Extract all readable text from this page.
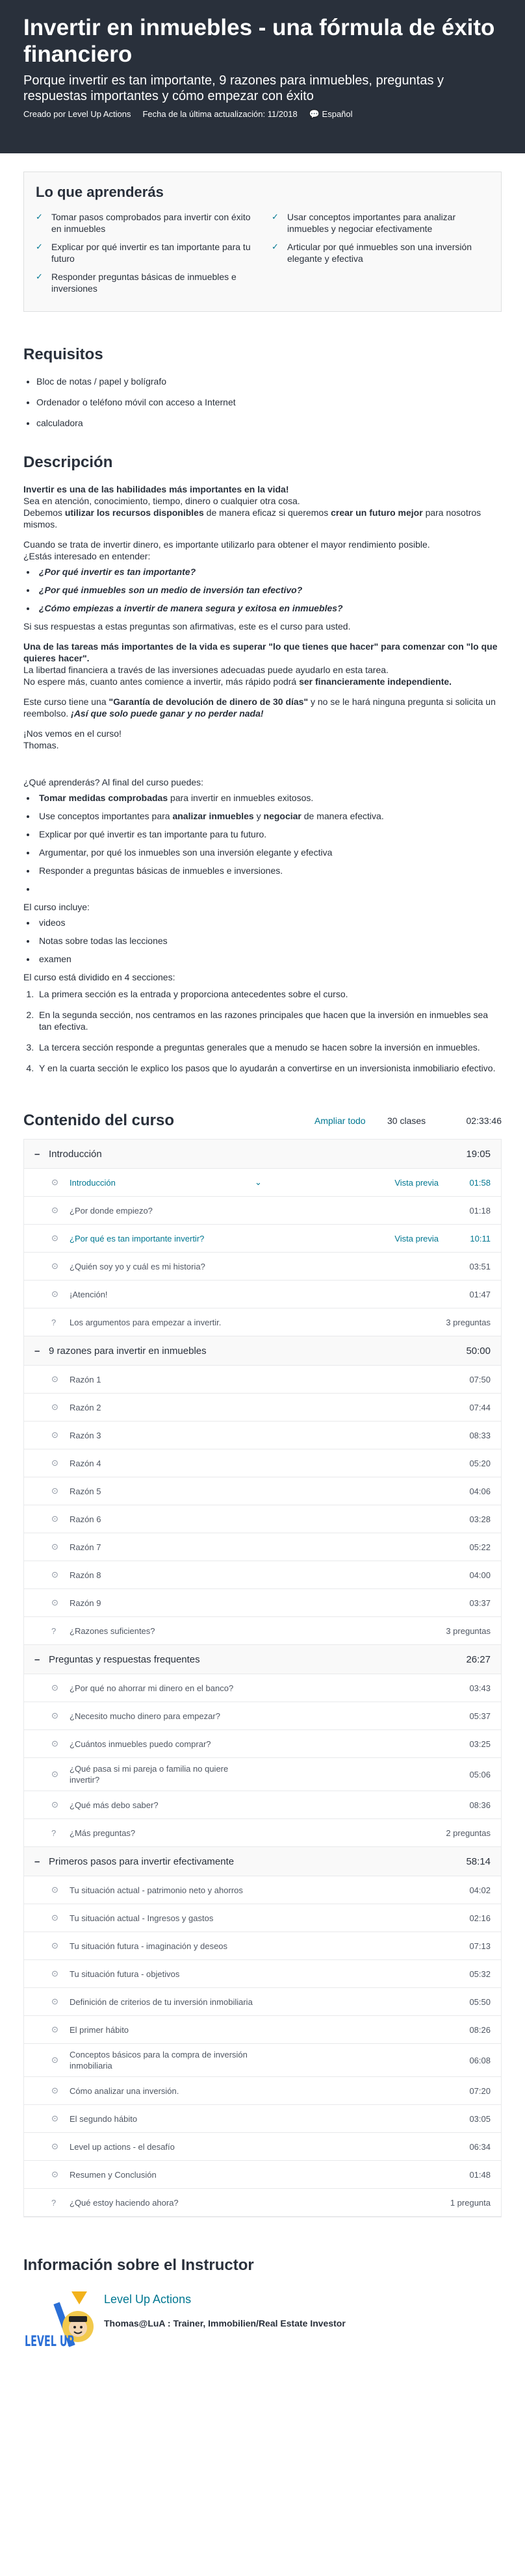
Invertir en inmuebles - una fórmula de éxito financiero
Porque invertir es tan importante, 9 razones para inmuebles, preguntas y respuestas importantes y cómo empezar con éxito
Creado por Level Up Actions Fecha de la última actualización: 11/2018 💬 Español
Lo que aprenderás
✓ Tomar pasos comprobados para invertir con éxito en inmuebles
✓ Usar conceptos importantes para analizar inmuebles y negociar efectivamente
✓ Explicar por qué invertir es tan importante para tu futuro
✓ Articular por qué inmuebles son una inversión elegante y efectiva
✓ Responder preguntas básicas de inmuebles e inversiones
Requisitos
• Bloc de notas / papel y bolígrafo
• Ordenador o teléfono móvil con acceso a Internet
• calculadora
Descripción

Invertir es una de las habilidades más importantes en la vida!

Sea en atención, conocimiento, tiempo, dinero o cualquier otra cosa.

Debemos utilizar los recursos disponibles de manera eficaz si queremos crear un futuro mejor para nosotros mismos.

Cuando se trata de invertir dinero, es importante utilizarlo para obtener el mayor rendimiento posible.

¿Estás interesado en entender:

• ¿Por qué invertir es tan importante?
• ¿Por qué inmuebles son un medio de inversión tan efectivo?
• ¿Cómo empiezas a invertir de manera segura y exitosa en inmuebles?

Si sus respuestas a estas preguntas son afirmativas, este es el curso para usted.

Una de las tareas más importantes de la vida es superar "lo que tienes que hacer" para comenzar con "lo que quieres hacer".

La libertad financiera a través de las inversiones adecuadas puede ayudarlo en esta tarea.

No espere más, cuanto antes comience a invertir, más rápido podrá ser financieramente independiente.

Este curso tiene una "Garantía de devolución de dinero de 30 días" y no se le hará ninguna pregunta si solicita un reembolso. ¡Así que solo puede ganar y no perder nada!

¡Nos vemos en el curso!

Thomas.

¿Qué aprenderás? Al final del curso puedes:

• Tomar medidas comprobadas para invertir en inmuebles exitosos.
• Use conceptos importantes para analizar inmuebles y negociar de manera efectiva.
• Explicar por qué invertir es tan importante para tu futuro.
• Argumentar, por qué los inmuebles son una inversión elegante y efectiva
• Responder a preguntas básicas de inmuebles e inversiones.
•

El curso incluye:

• videos
• Notas sobre todas las lecciones
• examen

El curso está dividido en 4 secciones:

1. La primera sección es la entrada y proporciona antecedentes sobre el curso.
2. En la segunda sección, nos centramos en las razones principales que hacen que la inversión en inmuebles sea tan efectiva.
3. La tercera sección responde a preguntas generales que a menudo se hacen sobre la inversión en inmuebles.
4. Y en la cuarta sección le explico los pasos que lo ayudarán a convertirse en un inversionista inmobiliario efectivo.
Contenido del curso	Ampliar todo	30 clases	02:33:46
– Introducción	19:05
⊙	Introducción	⌄	Vista previa	01:58
⊙	¿Por donde empiezo?	01:18
⊙	¿Por qué es tan importante invertir?	Vista previa	10:11
⊙	¿Quién soy yo y cuál es mi historia?	03:51
⊙	¡Atención!	01:47
?	Los argumentos para empezar a invertir.	3 preguntas
– 9 razones para invertir en inmuebles	50:00
⊙	Razón 1	07:50
⊙	Razón 2	07:44
⊙	Razón 3	08:33
⊙	Razón 4	05:20
⊙	Razón 5	04:06
⊙	Razón 6	03:28
⊙	Razón 7	05:22
⊙	Razón 8	04:00
⊙	Razón 9	03:37
?	¿Razones suficientes?	3 preguntas
– Preguntas y respuestas frequentes	26:27
⊙	¿Por qué no ahorrar mi dinero en el banco?	03:43
⊙	¿Necesito mucho dinero para empezar?	05:37
⊙	¿Cuántos inmuebles puedo comprar?	03:25
⊙
¿Qué pasa si mi pareja o familia no quiere invertir?
05:06
⊙	¿Qué más debo saber?	08:36
?	¿Más preguntas?	2 preguntas
– Primeros pasos para invertir efectivamente	58:14
⊙	Tu situación actual - patrimonio neto y ahorros	04:02
⊙	Tu situación actual - Ingresos y gastos	02:16
⊙	Tu situación futura - imaginación y deseos	07:13
⊙	Tu situación futura - objetivos	05:32
⊙	Definición de criterios de tu inversión inmobiliaria	05:50
⊙	El primer hábito	08:26
⊙
Conceptos básicos para la compra de inversión inmobiliaria
06:08
⊙	Cómo analizar una inversión.	07:20
⊙	El segundo hábito	03:05
⊙	Level up actions - el desafío	06:34
⊙	Resumen y Conclusión	01:48
?	¿Qué estoy haciendo ahora?	1 pregunta
Información sobre el Instructor
LEVEL UP
Level Up Actions
Thomas@LuA : Trainer, Immobilien/Real Estate Investor
